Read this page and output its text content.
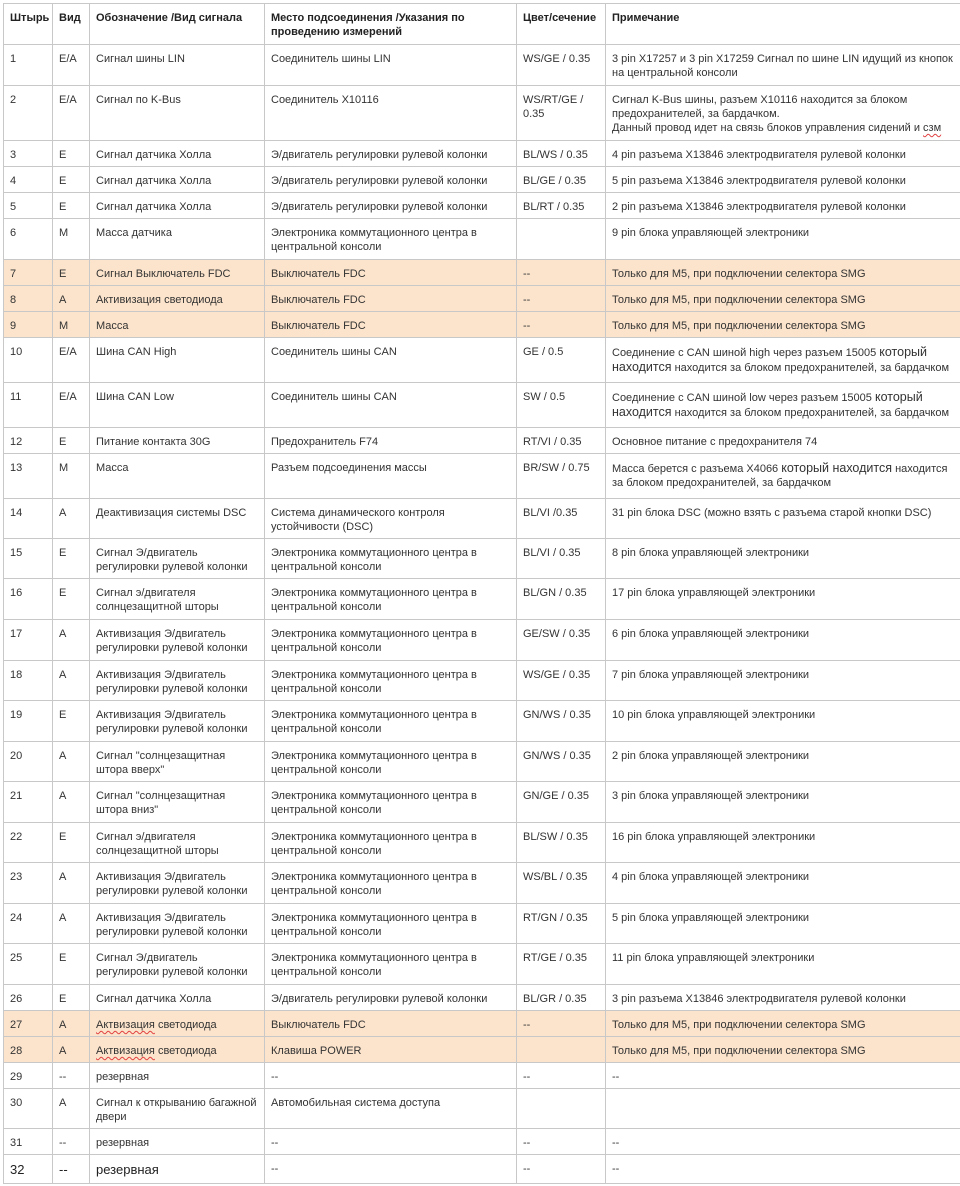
Штырь	Вид	Обозначение /Вид сигнала	Место подсоединения /Указания по проведению измерений	Цвет/сечение	Примечание
1	E/A	Сигнал шины LIN	Соединитель шины LIN	WS/GE / 0.35	3 pin X17257 и 3 pin X17259 Сигнал по шине LIN идущий из кнопок на центральной консоли
2	E/A	Сигнал по K-Bus	Соединитель X10116	WS/RT/GE / 0.35	Сигнал K-Bus шины, разъем X10116 находится за блоком предохранителей, за бардачком.
Данный провод идет на связь блоков управления сидений и сзм
3	E	Сигнал датчика Холла	Э/двигатель регулировки рулевой колонки	BL/WS / 0.35	4 pin разъема X13846 электродвигателя рулевой колонки
4	E	Сигнал датчика Холла	Э/двигатель регулировки рулевой колонки	BL/GE / 0.35	5 pin разъема X13846 электродвигателя рулевой колонки
5	E	Сигнал датчика Холла	Э/двигатель регулировки рулевой колонки	BL/RT / 0.35	2 pin разъема X13846 электродвигателя рулевой колонки
6	M	Масса датчика	Электроника коммутационного центра в центральной консоли		9 pin блока управляющей электроники
7	E	Сигнал Выключатель FDC	Выключатель FDC	--	Только для M5, при подключении селектора SMG
8	A	Активизация светодиода	Выключатель FDC	--	Только для M5, при подключении селектора SMG
9	M	Масса	Выключатель FDC	--	Только для M5, при подключении селектора SMG
10	E/A	Шина CAN High	Соединитель шины CAN	GE / 0.5	Соединение с CAN шиной high через разъем 15005 который находится находится за блоком предохранителей, за бардачком
11	E/A	Шина CAN Low	Соединитель шины CAN	SW / 0.5	Соединение с CAN шиной low через разъем 15005 который находится находится за блоком предохранителей, за бардачком
12	E	Питание контакта 30G	Предохранитель F74	RT/VI / 0.35	Основное питание с предохранителя 74
13	M	Масса	Разъем подсоединения массы	BR/SW / 0.75	Масса берется с разъема X4066 который находится находится за блоком предохранителей, за бардачком
14	A	Деактивизация системы DSC	Система динамического контроля устойчивости (DSC)	BL/VI /0.35	31 pin блока DSC (можно взять с разъема старой кнопки DSC)
15	E	Сигнал Э/двигатель регулировки рулевой колонки	Электроника коммутационного центра в центральной консоли	BL/VI / 0.35	8 pin блока управляющей электроники
16	E	Сигнал э/двигателя солнцезащитной шторы	Электроника коммутационного центра в центральной консоли	BL/GN / 0.35	17 pin блока управляющей электроники
17	A	Активизация Э/двигатель регулировки рулевой колонки	Электроника коммутационного центра в центральной консоли	GE/SW / 0.35	6 pin блока управляющей электроники
18	A	Активизация Э/двигатель регулировки рулевой колонки	Электроника коммутационного центра в центральной консоли	WS/GE / 0.35	7 pin блока управляющей электроники
19	E	Активизация Э/двигатель регулировки рулевой колонки	Электроника коммутационного центра в центральной консоли	GN/WS / 0.35	10 pin блока управляющей электроники
20	A	Сигнал "солнцезащитная штора вверх"	Электроника коммутационного центра в центральной консоли	GN/WS / 0.35	2 pin блока управляющей электроники
21	A	Сигнал "солнцезащитная штора вниз"	Электроника коммутационного центра в центральной консоли	GN/GE / 0.35	3 pin блока управляющей электроники
22	E	Сигнал э/двигателя солнцезащитной шторы	Электроника коммутационного центра в центральной консоли	BL/SW / 0.35	16 pin блока управляющей электроники
23	A	Активизация Э/двигатель регулировки рулевой колонки	Электроника коммутационного центра в центральной консоли	WS/BL / 0.35	4 pin блока управляющей электроники
24	A	Активизация Э/двигатель регулировки рулевой колонки	Электроника коммутационного центра в центральной консоли	RT/GN / 0.35	5 pin блока управляющей электроники
25	E	Сигнал Э/двигатель регулировки рулевой колонки	Электроника коммутационного центра в центральной консоли	RT/GE / 0.35	11 pin блока управляющей электроники
26	E	Сигнал датчика Холла	Э/двигатель регулировки рулевой колонки	BL/GR / 0.35	3 pin разъема X13846 электродвигателя рулевой колонки
27	A	Актвизация светодиода	Выключатель FDC	--	Только для M5, при подключении селектора SMG
28	A	Актвизация светодиода	Клавиша POWER		Только для M5, при подключении селектора SMG
29	--	резервная	--	--	--
30	A	Сигнал к открыванию багажной двери	Автомобильная система доступа		
31	--	резервная	--	--	--
32	--	резервная	--	--	--
